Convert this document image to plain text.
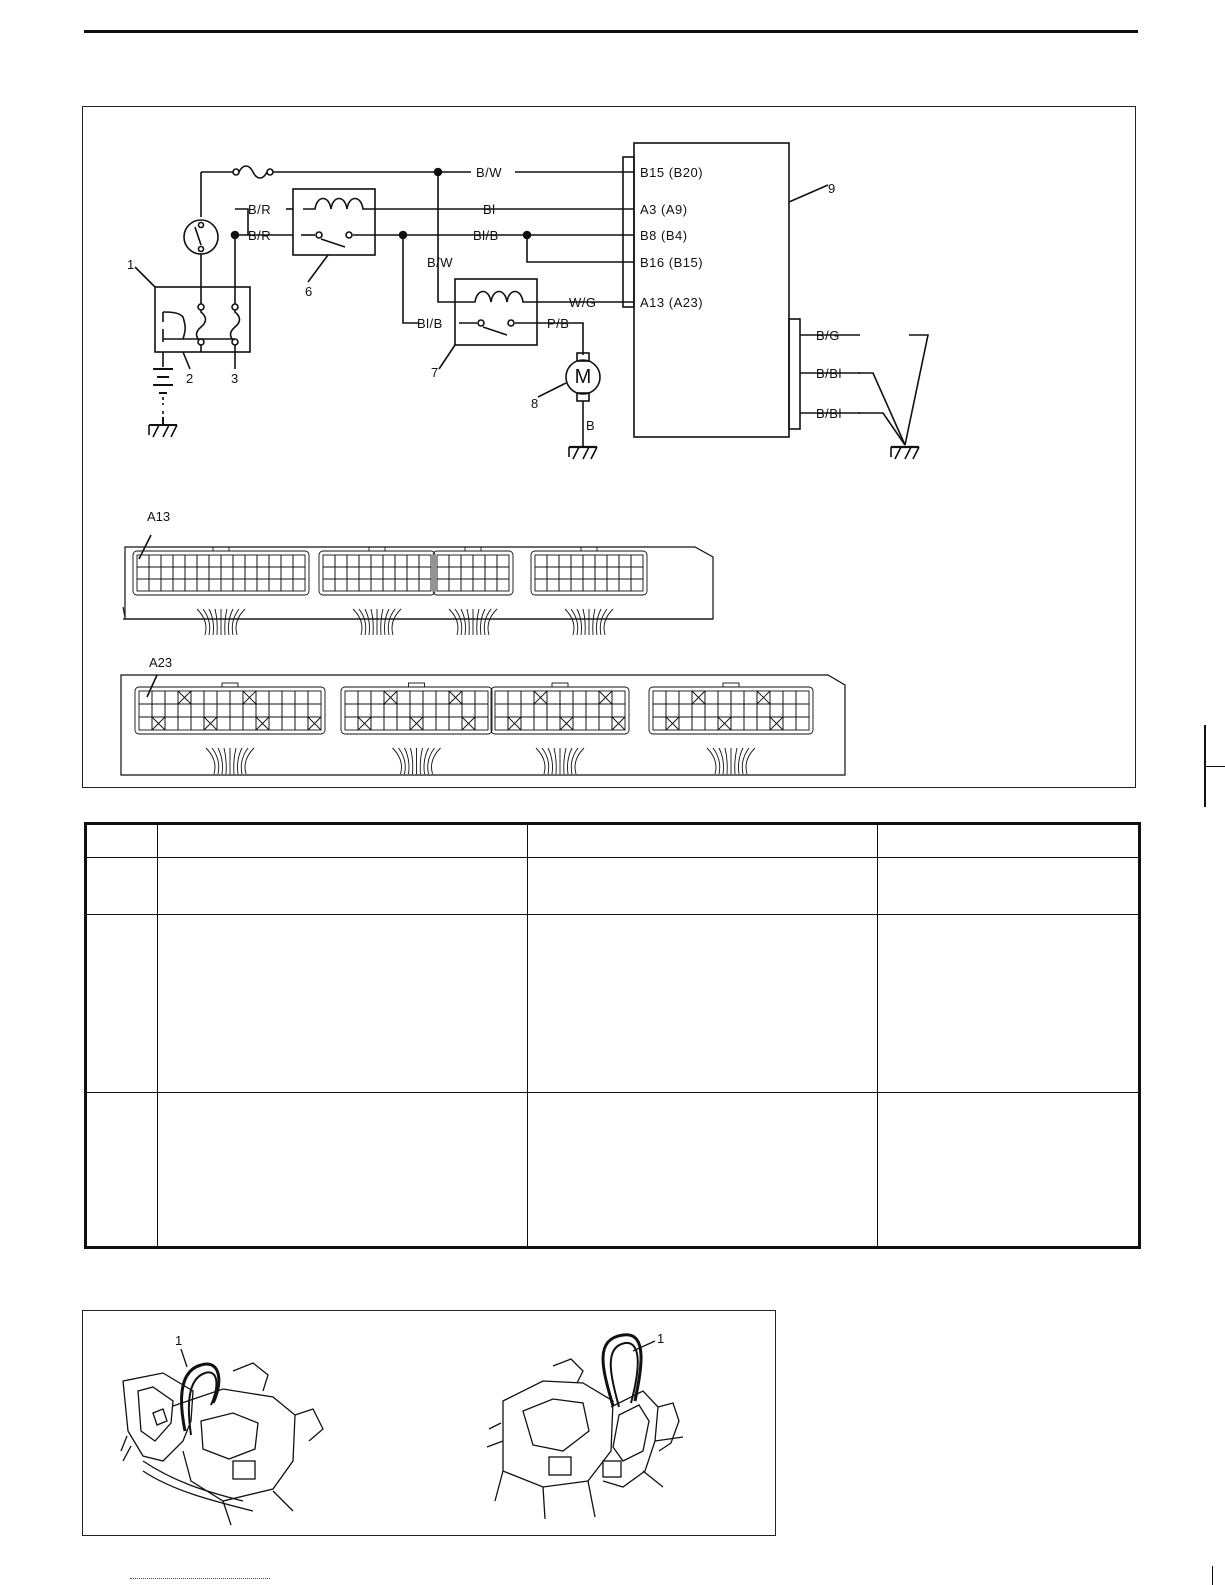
B/W
Bl
B/R
B/R	Bl/B
B/W
W/G
Bl/B	P/B
B
B/G
B/Bl
B/Bl
B15 (B20)
A3 (A9)
B8 (B4)
B16 (B15)
A13 (A23)
1
2	3
6
7
8
9
M
A13
A23

1	1
